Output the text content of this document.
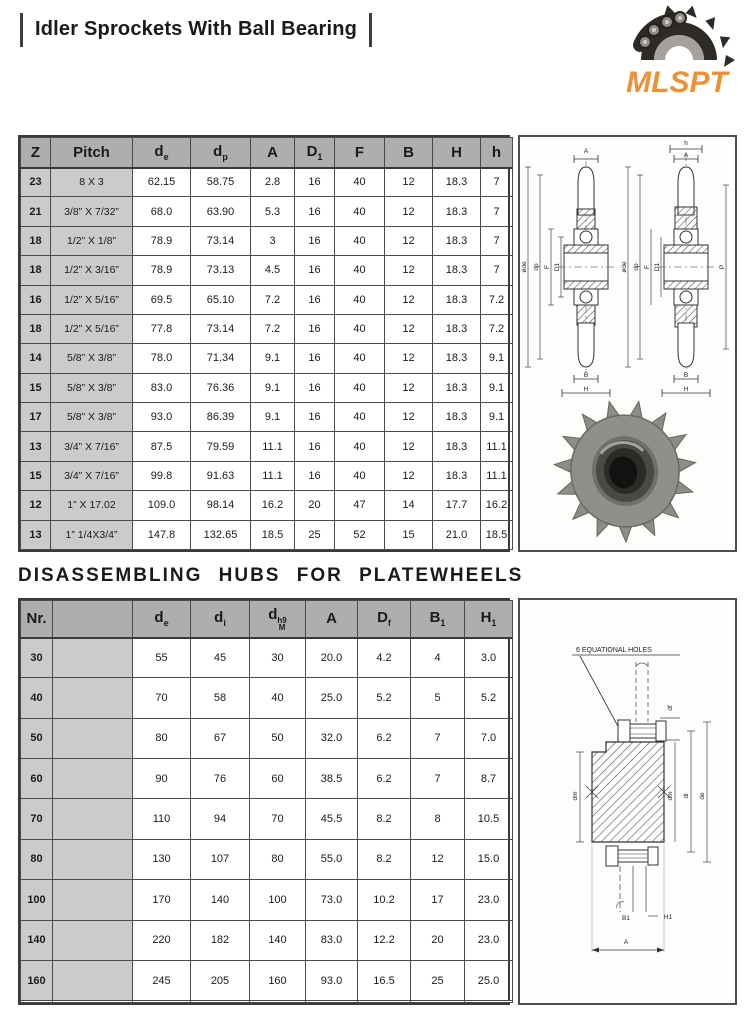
Idler Sprockets With Ball Bearing
MLSPT
Z	Pitch	$d_e$	$d_p$	A	$D_1$	F	B	H	h
23	8 X 3	62.15	58.75	2.8	16	40	12	18.3	7
21	3/8” X 7/32”	68.0	63.90	5.3	16	40	12	18.3	7
18	1/2” X 1/8”	78.9	73.14	3	16	40	12	18.3	7
18	1/2” X 3/16”	78.9	73.13	4.5	16	40	12	18.3	7
16	1/2” X 5/16”	69.5	65.10	7.2	16	40	12	18.3	7.2
18	1/2” X 5/16”	77.8	73.14	7.2	16	40	12	18.3	7.2
14	5/8” X 3/8”	78.0	71.34	9.1	16	40	12	18.3	9.1
15	5/8” X 3/8”	83.0	76.36	9.1	16	40	12	18.3	9.1
17	5/8” X 3/8”	93.0	86.39	9.1	16	40	12	18.3	9.1
13	3/4” X 7/16”	87.5	79.59	11.1	16	40	12	18.3	11.1
15	3/4” X 7/16”	99.8	91.63	11.1	16	40	12	18.3	11.1
12	1” X 17.02	109.0	98.14	16.2	20	47	14	17.7	16.2
13	1” 1/4X3/4”	147.8	132.65	18.5	25	52	15	21.0	18.5

A
øde dp F D1
B
H
h
A
øde dp F D1	P
B
H
DISASSEMBLING HUBS FOR PLATEWHEELS
Nr.		$d_e$	$d_i$	d h9
M	A	$D_f$	$B_1$	$H_1$
30		55	45	30	20.0	4.2	4	3.0
40		70	58	40	25.0	5.2	5	5.2
50		80	67	50	32.0	6.2	7	7.0
60		90	76	60	38.5	6.2	7	8.7
70		110	94	70	45.5	8.2	8	10.5
80		130	107	80	55.0	8.2	12	15.0
100		170	140	100	73.0	10.2	17	23.0
140		220	182	140	83.0	12.2	20	23.0
160		245	205	160	93.0	16.5	25	25.0

6 EQUATIONAL HOLES
df
dm	dm di de
B1	H1
A
